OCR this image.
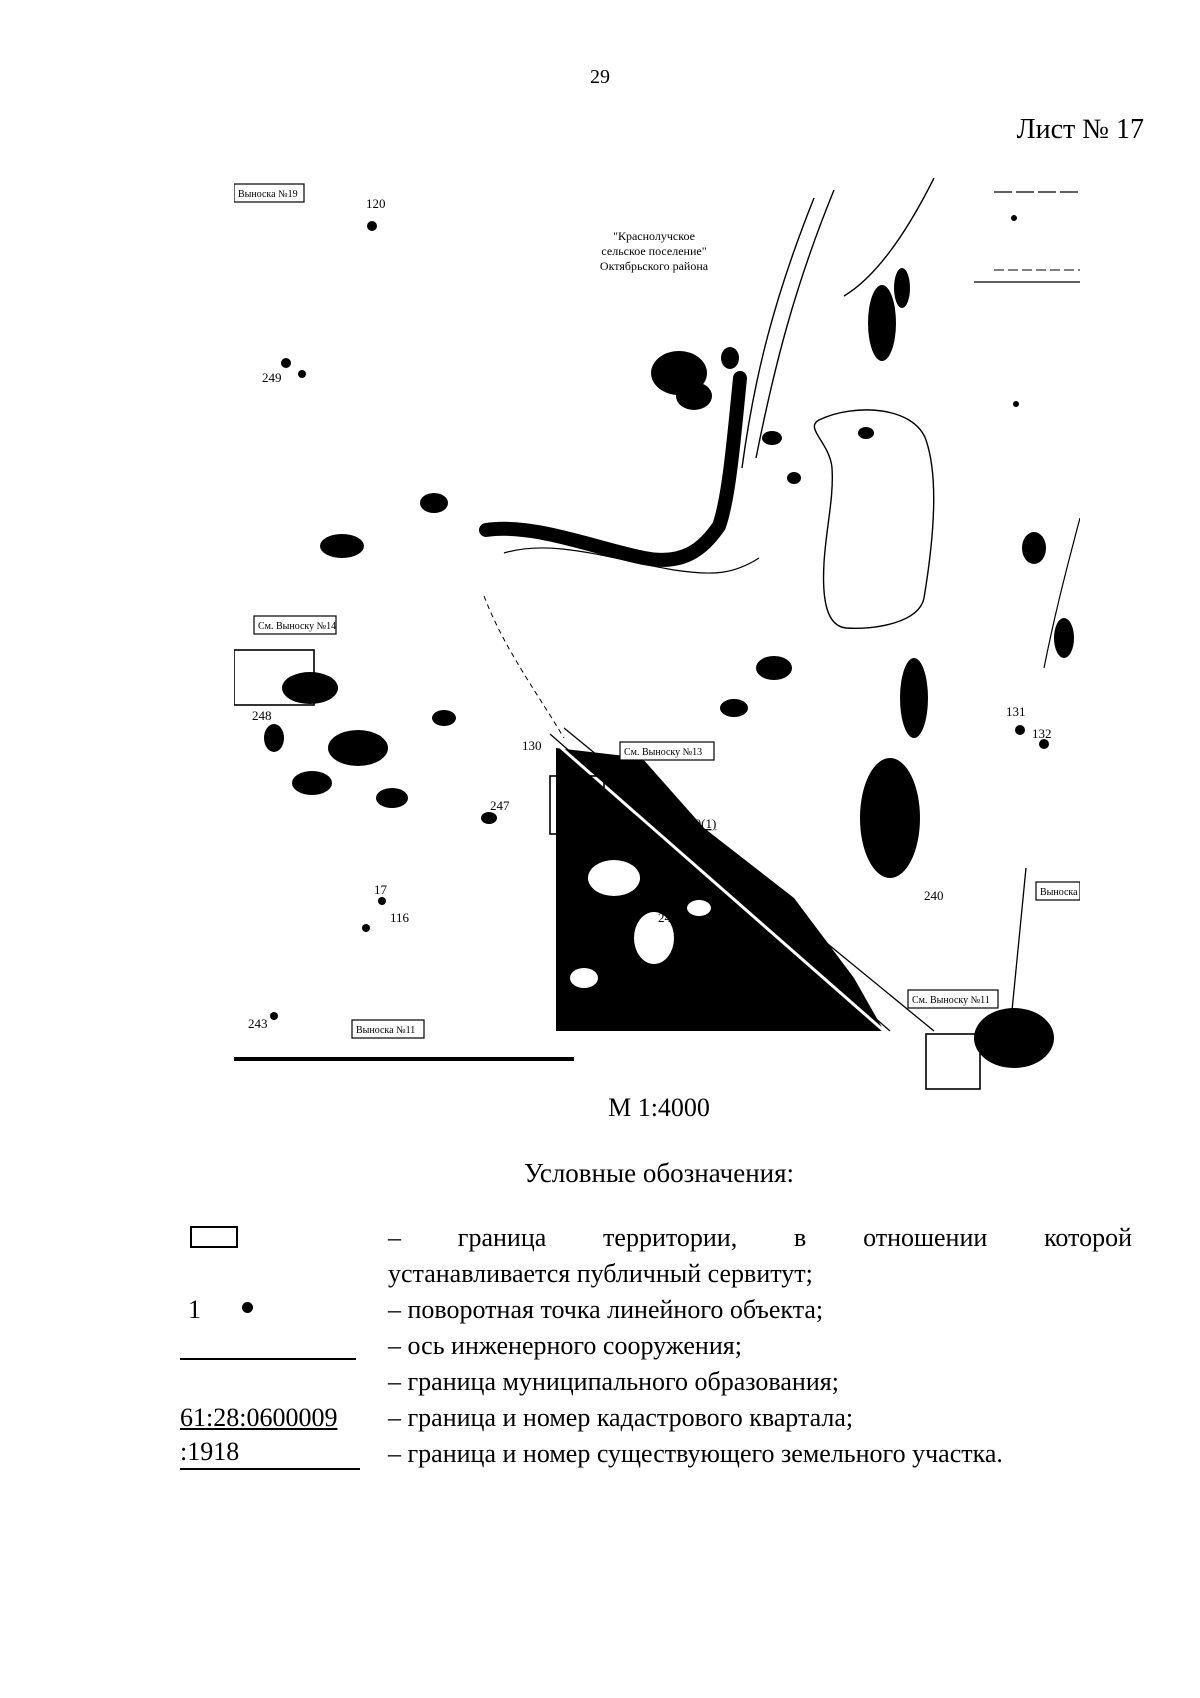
29
Лист № 17
Выноска №19
См. Выноску №14
См. Выноску №13
См. Выноску №11
Выноска №11
Выноска
"Краснолучское
сельское поселение"
Октябрьского района
120
249
248
130
131
132
133
247
245
240
243
17
116
61
:590(1)
М 1:4000
Условные обозначения:
– граница территории, в отношении которой
устанавливается публичный сервитут;
1	– поворотная точка линейного объекта;
– ось инженерного сооружения;
– граница муниципального образования;
61:28:0600009	– граница и номер кадастрового квартала;
:1918	– граница и номер существующего земельного участка.
